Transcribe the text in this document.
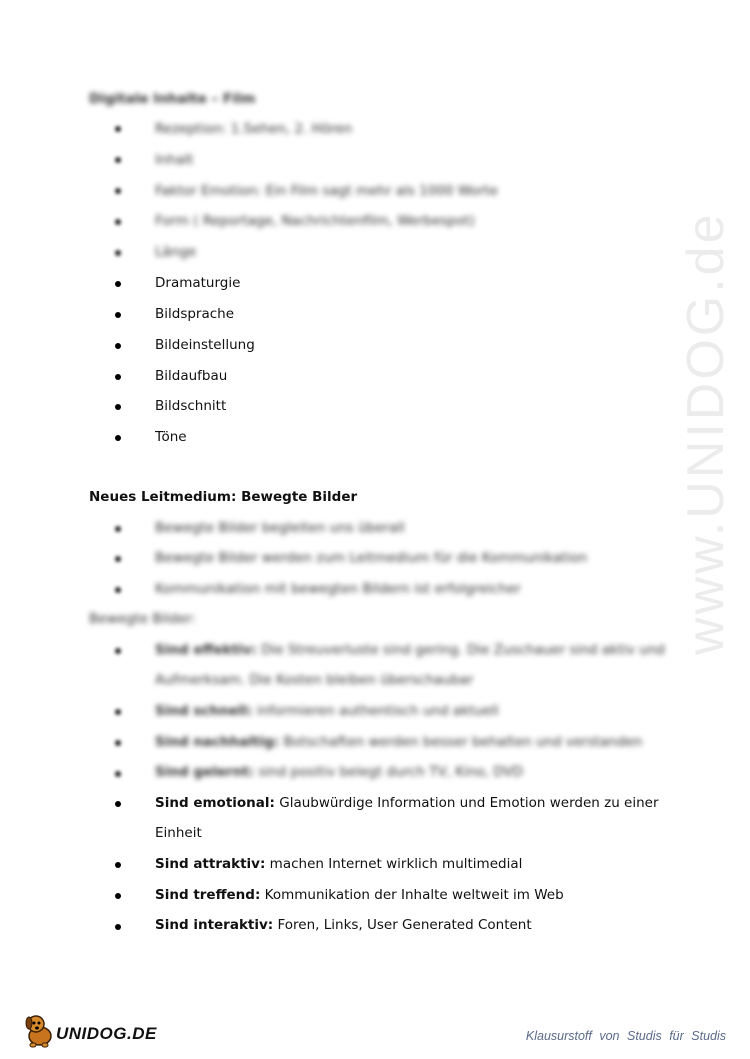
Digitale Inhalte – Film
Rezeption: 1.Sehen, 2. Hören
Inhalt
Faktor Emotion: Ein Film sagt mehr als 1000 Worte
Form ( Reportage, Nachrichtenfilm, Werbespot)
Länge
Dramaturgie
Bildsprache
Bildeinstellung
Bildaufbau
Bildschnitt
Töne
Neues Leitmedium: Bewegte Bilder
Bewegte Bilder begleiten uns überall
Bewegte Bilder werden zum Leitmedium für die Kommunikation
Kommunikation mit bewegten Bildern ist erfolgreicher
Bewegte Bilder:
Sind effektiv: Die Streuverluste sind gering. Die Zuschauer sind aktiv und
Aufmerksam. Die Kosten bleiben überschaubar
Sind schnell: informieren authentisch und aktuell
Sind nachhaltig: Botschaften werden besser behalten und verstanden
Sind gelernt: sind positiv belegt durch TV, Kino, DVD
Sind emotional: Glaubwürdige Information und Emotion werden zu einer
Einheit
Sind attraktiv: machen Internet wirklich multimedial
Sind treffend: Kommunikation der Inhalte weltweit im Web
Sind interaktiv: Foren, Links, User Generated Content
www.UNIDOG.de
UNIDOG.DE	Klausurstoff von Studis für Studis
